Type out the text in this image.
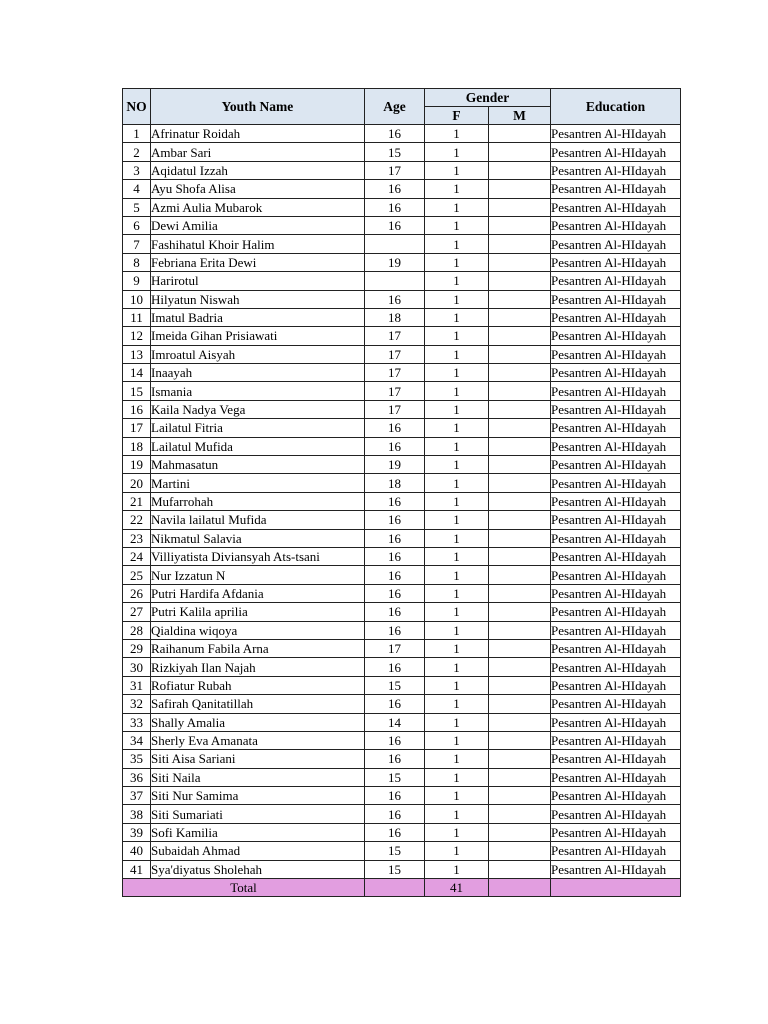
NO	Youth Name	Age	Gender		Education
			F	M	
1	Afrinatur Roidah	16	1		Pesantren Al-HIdayah
2	Ambar Sari	15	1		Pesantren Al-HIdayah
3	Aqidatul Izzah	17	1		Pesantren Al-HIdayah
4	Ayu Shofa Alisa	16	1		Pesantren Al-HIdayah
5	Azmi Aulia Mubarok	16	1		Pesantren Al-HIdayah
6	Dewi Amilia	16	1		Pesantren Al-HIdayah
7	Fashihatul Khoir Halim		1		Pesantren Al-HIdayah
8	Febriana Erita Dewi	19	1		Pesantren Al-HIdayah
9	Harirotul		1		Pesantren Al-HIdayah
10	Hilyatun Niswah	16	1		Pesantren Al-HIdayah
11	Imatul Badria	18	1		Pesantren Al-HIdayah
12	Imeida Gihan Prisiawati	17	1		Pesantren Al-HIdayah
13	Imroatul Aisyah	17	1		Pesantren Al-HIdayah
14	Inaayah	17	1		Pesantren Al-HIdayah
15	Ismania	17	1		Pesantren Al-HIdayah
16	Kaila Nadya Vega	17	1		Pesantren Al-HIdayah
17	Lailatul Fitria	16	1		Pesantren Al-HIdayah
18	Lailatul Mufida	16	1		Pesantren Al-HIdayah
19	Mahmasatun	19	1		Pesantren Al-HIdayah
20	Martini	18	1		Pesantren Al-HIdayah
21	Mufarrohah	16	1		Pesantren Al-HIdayah
22	Navila lailatul Mufida	16	1		Pesantren Al-HIdayah
23	Nikmatul Salavia	16	1		Pesantren Al-HIdayah
24	Villiyatista Diviansyah Ats-tsani	16	1		Pesantren Al-HIdayah
25	Nur Izzatun N	16	1		Pesantren Al-HIdayah
26	Putri Hardifa Afdania	16	1		Pesantren Al-HIdayah
27	Putri Kalila aprilia	16	1		Pesantren Al-HIdayah
28	Qialdina wiqoya	16	1		Pesantren Al-HIdayah
29	Raihanum Fabila Arna	17	1		Pesantren Al-HIdayah
30	Rizkiyah Ilan Najah	16	1		Pesantren Al-HIdayah
31	Rofiatur Rubah	15	1		Pesantren Al-HIdayah
32	Safirah Qanitatillah	16	1		Pesantren Al-HIdayah
33	Shally Amalia	14	1		Pesantren Al-HIdayah
34	Sherly Eva Amanata	16	1		Pesantren Al-HIdayah
35	Siti Aisa Sariani	16	1		Pesantren Al-HIdayah
36	Siti Naila	15	1		Pesantren Al-HIdayah
37	Siti Nur Samima	16	1		Pesantren Al-HIdayah
38	Siti Sumariati	16	1		Pesantren Al-HIdayah
39	Sofi Kamilia	16	1		Pesantren Al-HIdayah
40	Subaidah Ahmad	15	1		Pesantren Al-HIdayah
41	Sya'diyatus Sholehah	15	1		Pesantren Al-HIdayah
Total			41		
